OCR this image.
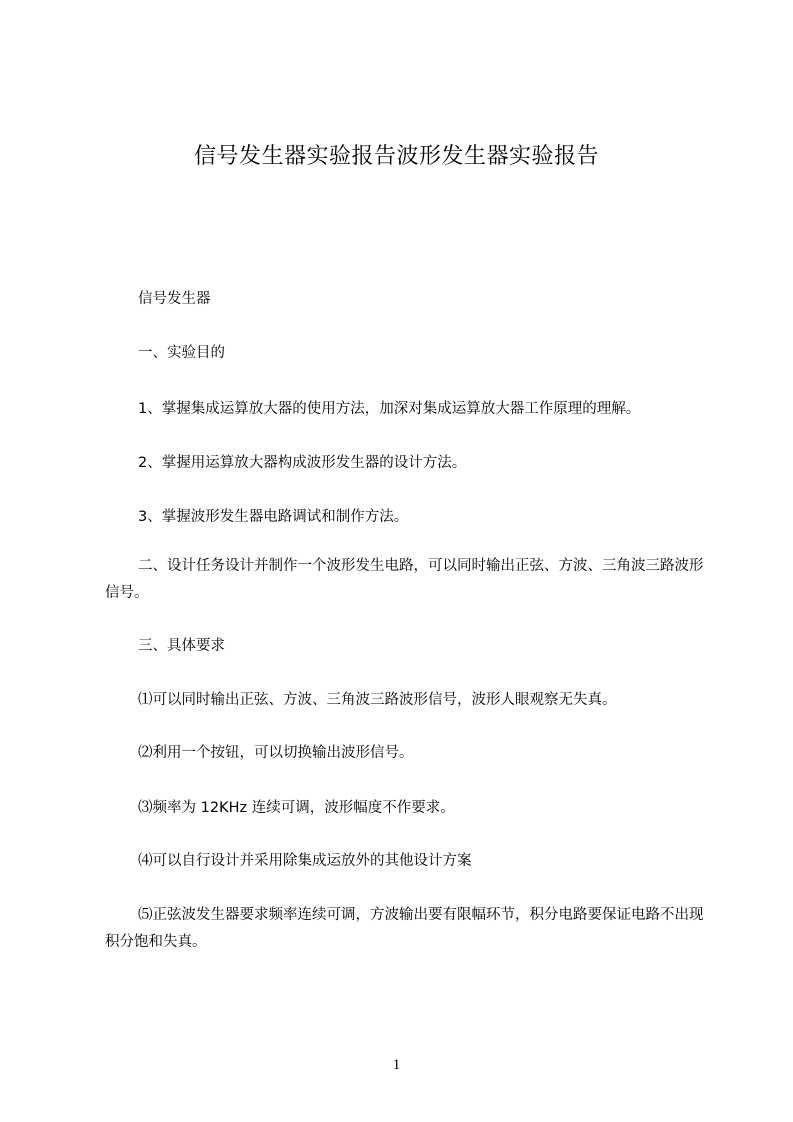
信号发生器实验报告波形发生器实验报告
信号发生器
一、实验目的
1、掌握集成运算放大器的使用方法，加深对集成运算放大器工作原理的理解。
2、掌握用运算放大器构成波形发生器的设计方法。
3、掌握波形发生器电路调试和制作方法。
二、设计任务设计并制作一个波形发生电路，可以同时输出正弦、方波、三角波三路波形信号。
三、具体要求
⑴可以同时输出正弦、方波、三角波三路波形信号，波形人眼观察无失真。
⑵利用一个按钮，可以切换输出波形信号。
⑶频率为 12KHz 连续可调，波形幅度不作要求。
⑷可以自行设计并采用除集成运放外的其他设计方案
⑸正弦波发生器要求频率连续可调，方波输出要有限幅环节，积分电路要保证电路不出现积分饱和失真。
1
